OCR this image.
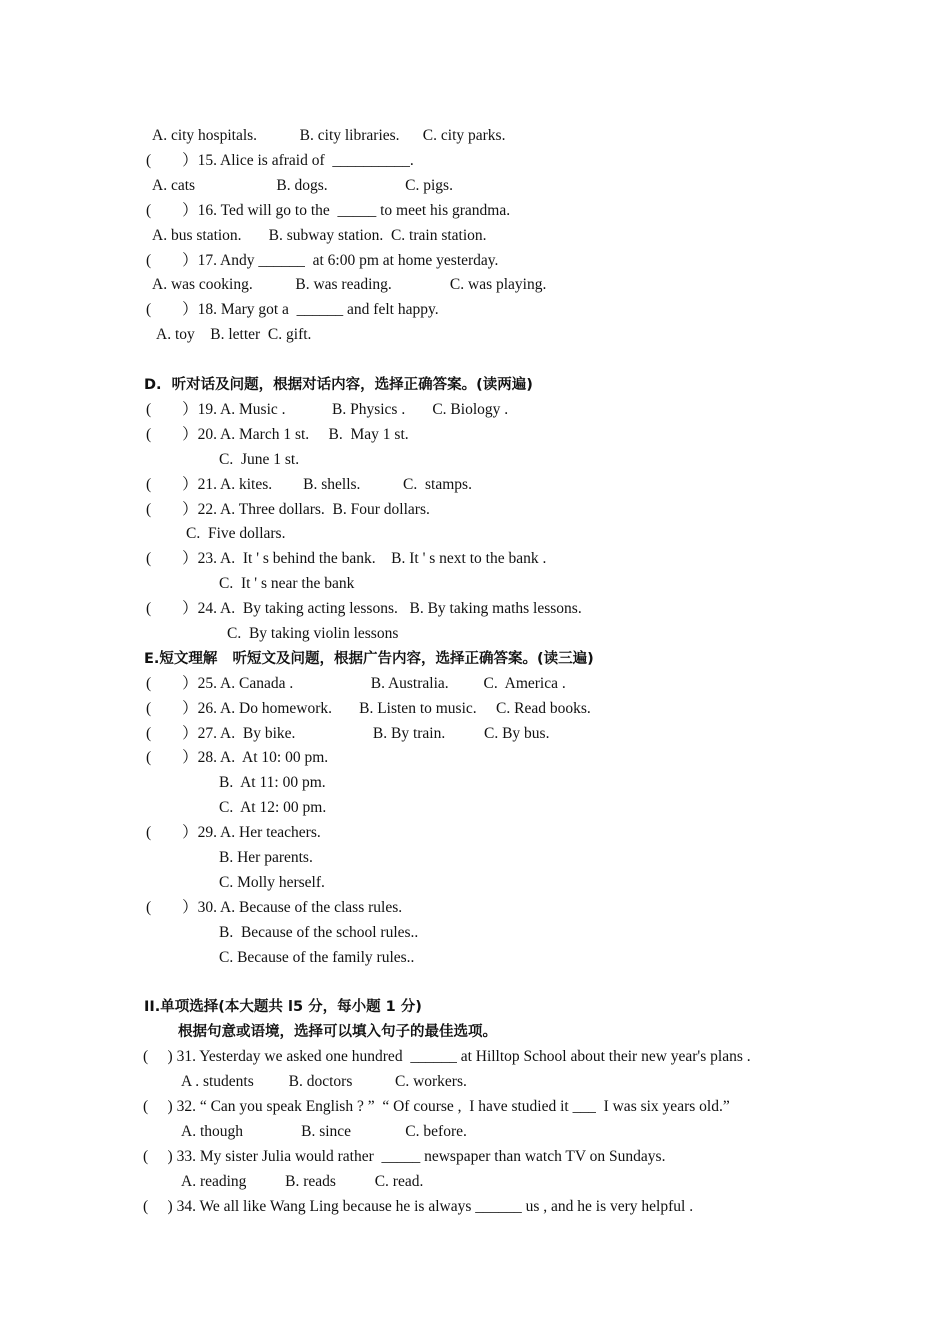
A. city hospitals.           B. city libraries.      C. city parks.
(        ）15. Alice is afraid of  __________.
A. cats                     B. dogs.                    C. pigs.
(        ）16. Ted will go to the  _____ to meet his grandma.
A. bus station.       B. subway station.  C. train station.
(        ）17. Andy ______  at 6:00 pm at home yesterday.
A. was cooking.           B. was reading.               C. was playing.
(        ）18. Mary got a  ______ and felt happy.
A. toy    B. letter  C. gift.
D.  听对话及问题，根据对话内容，选择正确答案。(读两遍)
(        ）19. A. Music .            B. Physics .       C. Biology .
(        ）20. A. March 1 st.     B.  May 1 st.
C.  June 1 st.
(        ）21. A. kites.        B. shells.           C.  stamps.
(        ）22. A. Three dollars.  B. Four dollars.
C.  Five dollars.
(        ）23. A.  It ' s behind the bank.    B. It ' s next to the bank .
C.  It ' s near the bank
(        ）24. A.  By taking acting lessons.   B. By taking maths lessons.
C.  By taking violin lessons
E.短文理解   听短文及问题，根据广告内容，选择正确答案。(读三遍)
(        ）25. A. Canada .                    B. Australia.         C.  America .
(        ）26. A. Do homework.       B. Listen to music.     C. Read books.
(        ）27. A.  By bike.                    B. By train.          C. By bus.
(        ）28. A.  At 10: 00 pm.
B.  At 11: 00 pm.
C.  At 12: 00 pm.
(        ）29. A. Her teachers.
B. Her parents.
C. Molly herself.
(        ）30. A. Because of the class rules.
B.  Because of the school rules..
C. Because of the family rules..
II.单项选择(本大题共 l5 分，每小题 1 分)
根据句意或语境，选择可以填入句子的最佳选项。
(     ) 31. Yesterday we asked one hundred  ______ at Hilltop School about their new year's plans .
A . students         B. doctors           C. workers.
(     ) 32. “ Can you speak English ? ”  “ Of course ,  I have studied it ___  I was six years old.”
A. though               B. since              C. before.
(     ) 33. My sister Julia would rather  _____ newspaper than watch TV on Sundays.
A. reading          B. reads          C. read.
(     ) 34. We all like Wang Ling because he is always ______ us , and he is very helpful .
